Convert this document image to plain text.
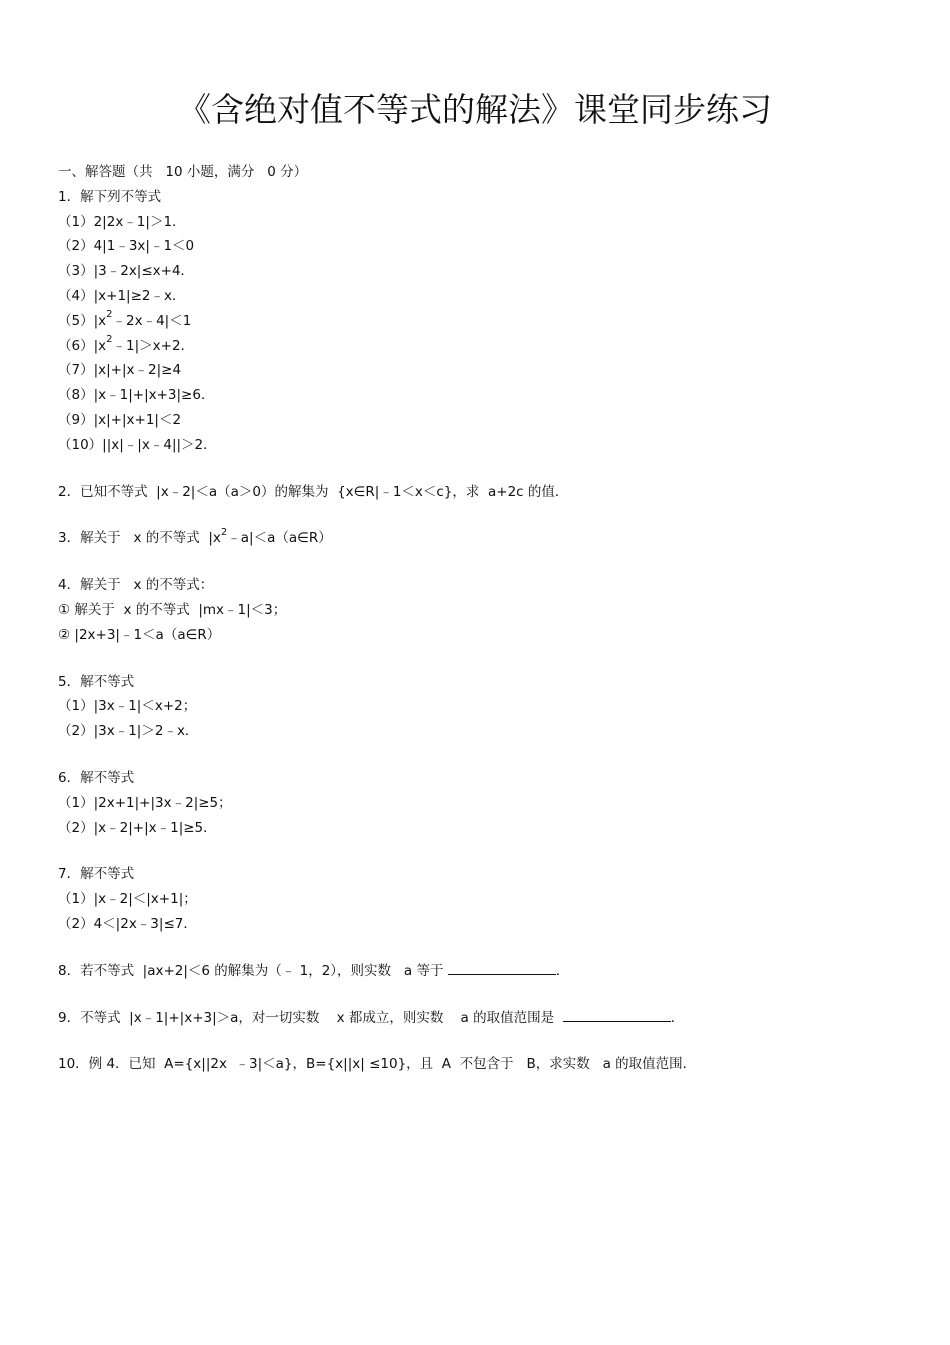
《含绝对值不等式的解法》课堂同步练习
一、解答题（共   10 小题，满分   0 分）
1．解下列不等式
（1）2|2x﹣1|＞1．
（2）4|1﹣3x|﹣1＜0
（3）|3﹣2x|≤x+4．
（4）|x+1|≥2﹣x．
$(5)|x^2﹣2x﹣4|<1$
$(6)|x^2﹣1|>x+2$．
（7）|x|+|x﹣2|≥4
（8）|x﹣1|+|x+3|≥6．
（9）|x|+|x+1|＜2
（10）||x|﹣|x﹣4||＞2．
2．已知不等式  |x﹣2|＜a（a＞0）的解集为  {x∈R|﹣1＜x＜c}，求  a+2c 的值．
3．解关于   x 的不等式  $|x^2﹣a|<a(a\in R)$
4．解关于   x 的不等式：
① 解关于  x 的不等式  |mx﹣1|＜3；
② |2x+3|﹣1＜a（a∈R）
5．解不等式
（1）|3x﹣1|＜x+2；
（2）|3x﹣1|＞2﹣x．
6．解不等式
（1）|2x+1|+|3x﹣2|≥5；
（2）|x﹣2|+|x﹣1|≥5．
7．解不等式
（1）|x﹣2|＜|x+1|；
（2）4＜|2x﹣3|≤7．
8．若不等式  |ax+2|＜6 的解集为（﹣ 1，2），则实数   a 等于	．
9．不等式  |x﹣1|+|x+3|＞a，对一切实数    x 都成立，则实数    a 的取值范围是	．
10．例 4．已知  A={x||2x  ﹣3|＜a}，B={x||x| ≤10}，且  A  不包含于   B，求实数   a 的取值范围．
